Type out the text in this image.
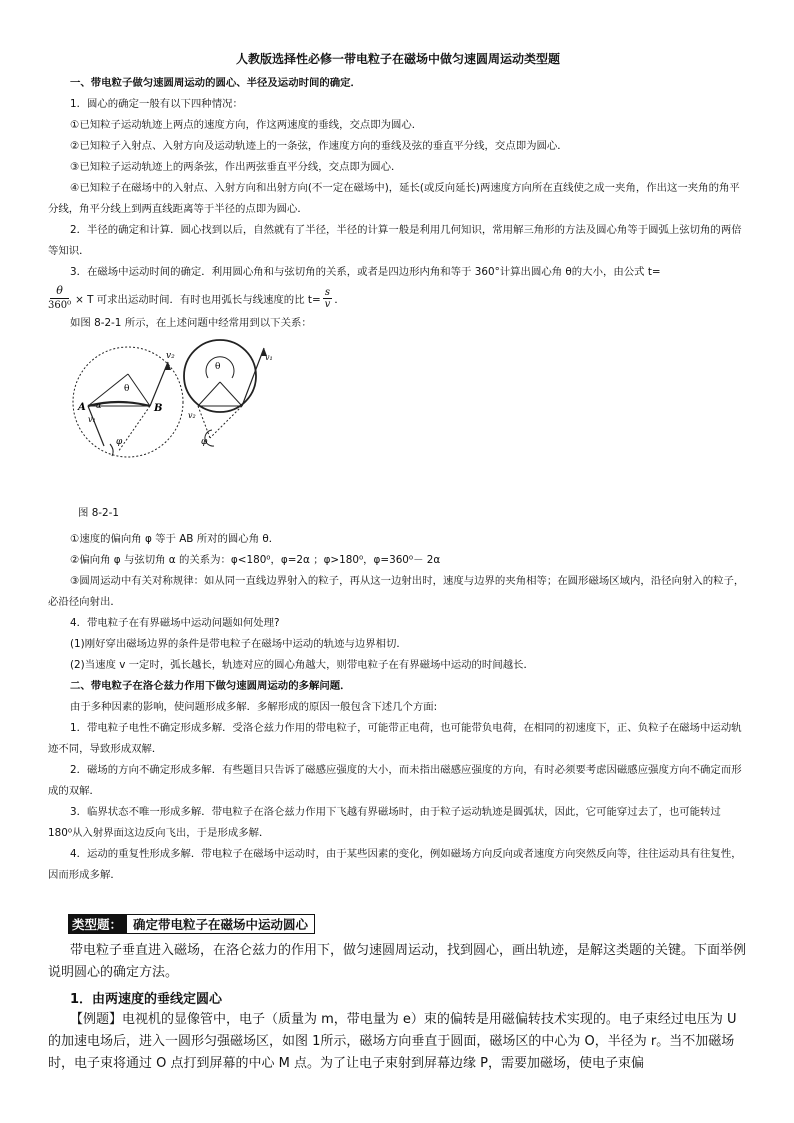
人教版选择性必修一带电粒子在磁场中做匀速圆周运动类型题

一、带电粒子做匀速圆周运动的圆心、半径及运动时间的确定．

1．圆心的确定一般有以下四种情况：

①已知粒子运动轨迹上两点的速度方向，作这两速度的垂线，交点即为圆心．

②已知粒子入射点、入射方向及运动轨迹上的一条弦，作速度方向的垂线及弦的垂直平分线，交点即为圆心．

③已知粒子运动轨迹上的两条弦，作出两弦垂直平分线，交点即为圆心．

④已知粒子在磁场中的入射点、入射方向和出射方向(不一定在磁场中)，延长(或反向延长)两速度方向所在直线使之成一夹角，作出这一夹角的角平分线，角平分线上到两直线距离等于半径的点即为圆心．

2．半径的确定和计算．圆心找到以后，自然就有了半径，半径的计算一般是利用几何知识，常用解三角形的方法及圆心角等于圆弧上弦切角的两倍等知识．

3．在磁场中运动时间的确定．利用圆心角和与弦切角的关系，或者是四边形内角和等于 360°计算出圆心角 θ的大小，由公式 t=

$\frac{\theta}{\text{360⁰}} \times T$ 可求出运动时间．有时也用弧长与线速度的比 $t= \frac{s}{v}$ ．

如图 8-2-1 所示，在上述问题中经常用到以下关系：

θ
v₂
A	B
α
v₁
φ
θ
v₁
v₂
φ

图 8-2-1

①速度的偏向角 φ 等于 AB 所对的圆心角 θ．

②偏向角 φ 与弦切角 α 的关系为：φ<180⁰，φ=2α ；φ>180⁰，φ=360⁰－ 2α

③圆周运动中有关对称规律：如从同一直线边界射入的粒子，再从这一边射出时，速度与边界的夹角相等；在圆形磁场区域内，沿径向射入的粒子，必沿径向射出．

4．带电粒子在有界磁场中运动问题如何处理?

(1)刚好穿出磁场边界的条件是带电粒子在磁场中运动的轨迹与边界相切．

(2)当速度 v 一定时，弧长越长，轨迹对应的圆心角越大，则带电粒子在有界磁场中运动的时间越长．

二、带电粒子在洛仑兹力作用下做匀速圆周运动的多解问题．

由于多种因素的影响，使问题形成多解．多解形成的原因一般包含下述几个方面:

1．带电粒子电性不确定形成多解．受洛仑兹力作用的带电粒子，可能带正电荷，也可能带负电荷，在相同的初速度下，正、负粒子在磁场中运动轨迹不同，导致形成双解．

2．磁场的方向不确定形成多解．有些题目只告诉了磁感应强度的大小，而未指出磁感应强度的方向，有时必须要考虑因磁感应强度方向不确定而形成的双解．

3．临界状态不唯一形成多解．带电粒子在洛仑兹力作用下飞越有界磁场时，由于粒子运动轨迹是圆弧状，因此，它可能穿过去了，也可能转过 180⁰从入射界面这边反向飞出，于是形成多解．

4．运动的重复性形成多解．带电粒子在磁场中运动时，由于某些因素的变化，例如磁场方向反向或者速度方向突然反向等，往往运动具有往复性，因而形成多解．

类型题： 确定带电粒子在磁场中运动圆心

带电粒子垂直进入磁场，在洛仑兹力的作用下，做匀速圆周运动，找到圆心，画出轨迹，是解这类题的关键。下面举例说明圆心的确定方法。

1．由两速度的垂线定圆心

【例题】电视机的显像管中，电子（质量为 m，带电量为 e）束的偏转是用磁偏转技术实现的。电子束经过电压为 U 的加速电场后，进入一圆形匀强磁场区，如图 1所示，磁场方向垂直于圆面，磁场区的中心为 O，半径为 r。当不加磁场时，电子束将通过 O 点打到屏幕的中心 M 点。为了让电子束射到屏幕边缘 P，需要加磁场，使电子束偏
